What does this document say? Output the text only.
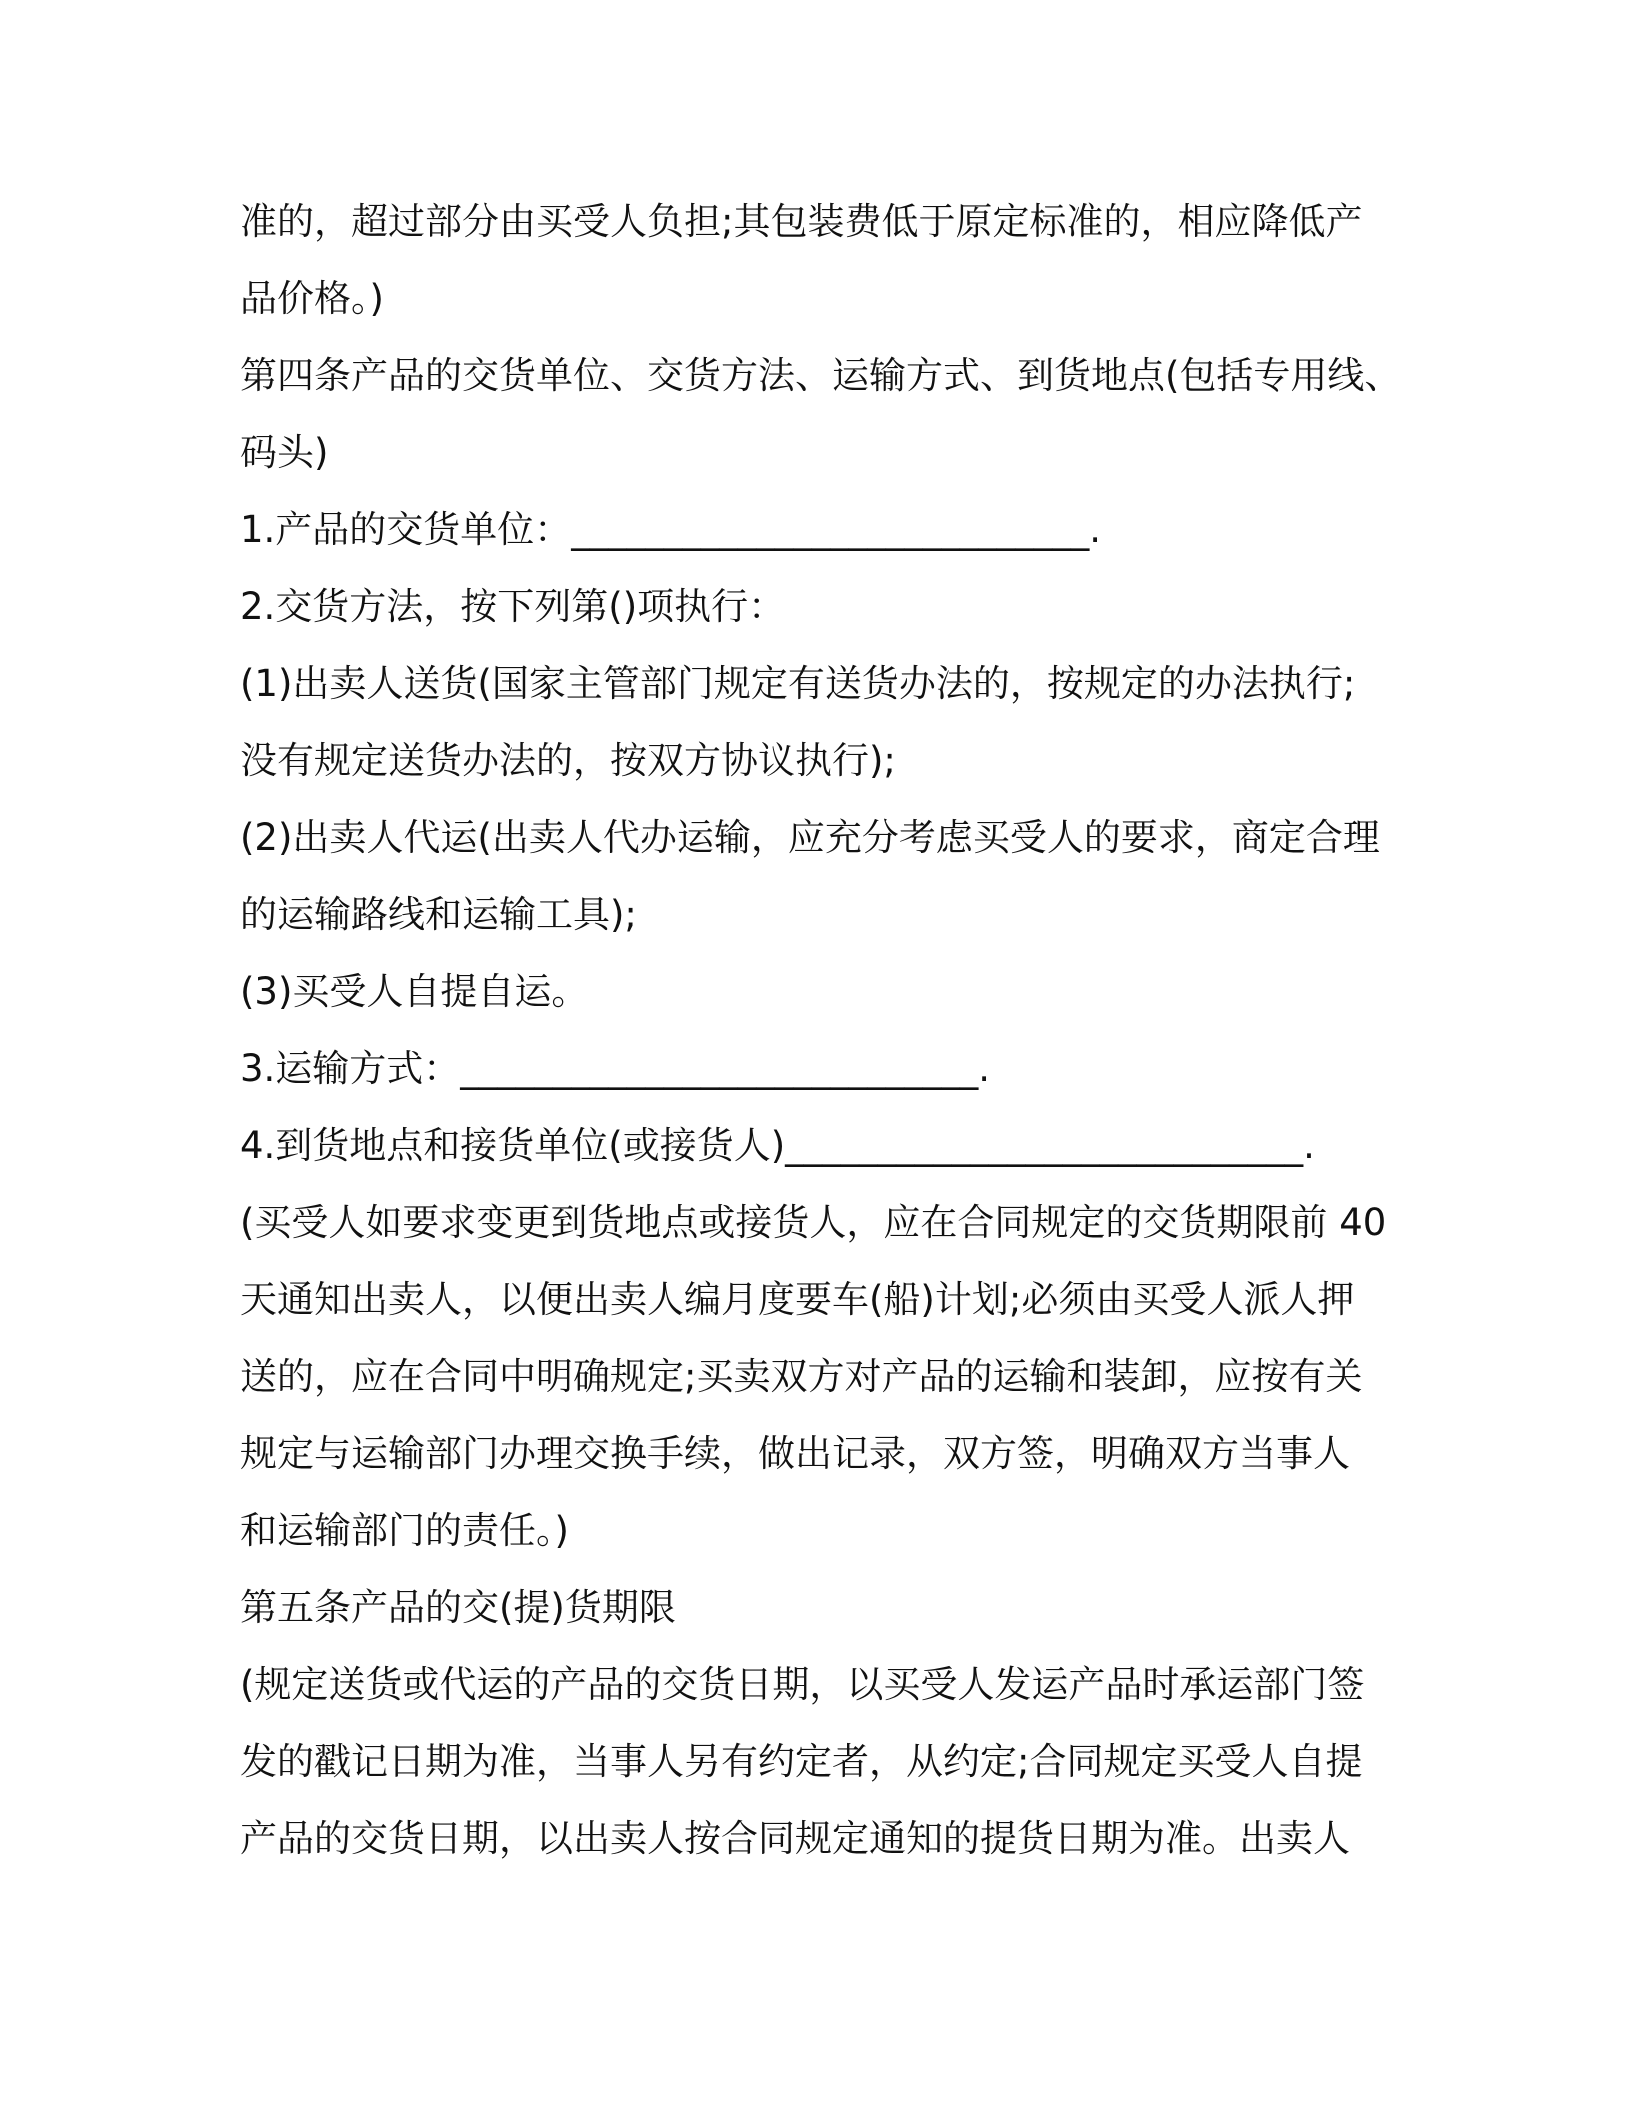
准的，超过部分由买受人负担;其包装费低于原定标准的，相应降低产
品价格。)
第四条产品的交货单位、交货方法、运输方式、到货地点(包括专用线、
码头)
1.产品的交货单位：____________________________.
2.交货方法，按下列第()项执行：
(1)出卖人送货(国家主管部门规定有送货办法的，按规定的办法执行;
没有规定送货办法的，按双方协议执行);
(2)出卖人代运(出卖人代办运输，应充分考虑买受人的要求，商定合理
的运输路线和运输工具);
(3)买受人自提自运。
3.运输方式：____________________________.
4.到货地点和接货单位(或接货人)____________________________.
(买受人如要求变更到货地点或接货人，应在合同规定的交货期限前 40
天通知出卖人，以便出卖人编月度要车(船)计划;必须由买受人派人押
送的，应在合同中明确规定;买卖双方对产品的运输和装卸，应按有关
规定与运输部门办理交换手续，做出记录，双方签，明确双方当事人
和运输部门的责任。)
第五条产品的交(提)货期限
(规定送货或代运的产品的交货日期，以买受人发运产品时承运部门签
发的戳记日期为准，当事人另有约定者，从约定;合同规定买受人自提
产品的交货日期，以出卖人按合同规定通知的提货日期为准。出卖人
